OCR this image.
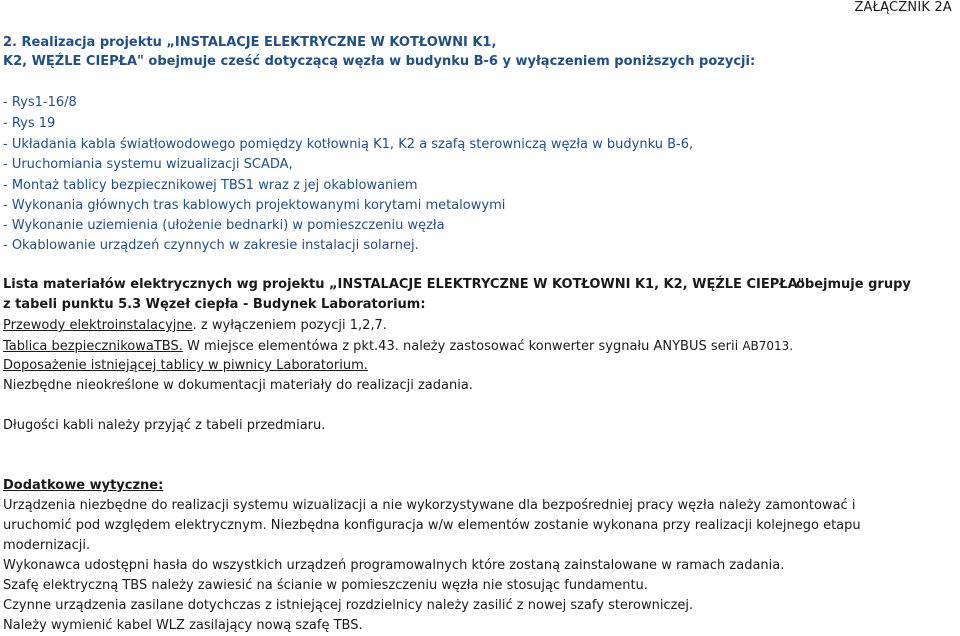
ZAŁĄCZNIK 2A
2. Realizacja projektu „INSTALACJE ELEKTRYCZNE W KOTŁOWNI K1,
K2, WĘŹLE CIEPŁA" obejmuje cześć dotyczącą węzła w budynku B-6 y wyłączeniem poniższych pozycji:
- Rys1-16/8
- Rys 19
- Układania kabla światłowodowego pomiędzy kotłownią K1, K2 a szafą sterowniczą węzła w budynku B-6,
- Uruchomiania systemu wizualizacji SCADA,
- Montaż tablicy bezpiecznikowej TBS1 wraz z jej okablowaniem
- Wykonania głównych tras kablowych projektowanymi korytami metalowymi
- Wykonanie uziemienia (ułożenie bednarki) w pomieszczeniu węzła
- Okablowanie urządzeń czynnych w zakresie instalacji solarnej.
Lista materiałów elektrycznych wg projektu „INSTALACJE ELEKTRYCZNE W KOTŁOWNI K1, K2, WĘŹLE CIEPŁA"
obejmuje grupy
z tabeli punktu 5.3 Węzeł ciepła - Budynek Laboratorium:
Przewody elektroinstalacyjne. z wyłączeniem pozycji 1,2,7.
Tablica bezpiecznikowaTBS. W miejsce elementówa z pkt.43. należy zastosować konwerter sygnału ANYBUS serii AB7013.
Doposażenie istniejącej tablicy w piwnicy Laboratorium.
Niezbędne nieokreślone w dokumentacji materiały do realizacji zadania.
Długości kabli należy przyjąć z tabeli przedmiaru.
Dodatkowe wytyczne:
Urządzenia niezbędne do realizacji systemu wizualizacji a nie wykorzystywane dla bezpośredniej pracy węzła należy zamontować i
uruchomić pod względem elektrycznym. Niezbędna konfiguracja w/w elementów zostanie wykonana przy realizacji kolejnego etapu
modernizacji.
Wykonawca udostępni hasła do wszystkich urządzeń programowalnych które zostaną zainstalowane w ramach zadania.
Szafę elektryczną TBS należy zawiesić na ścianie w pomieszczeniu węzła nie stosując fundamentu.
Czynne urządzenia zasilane dotychczas z istniejącej rozdzielnicy należy zasilić z nowej szafy sterowniczej.
Należy wymienić kabel WLZ zasilający nową szafę TBS.
